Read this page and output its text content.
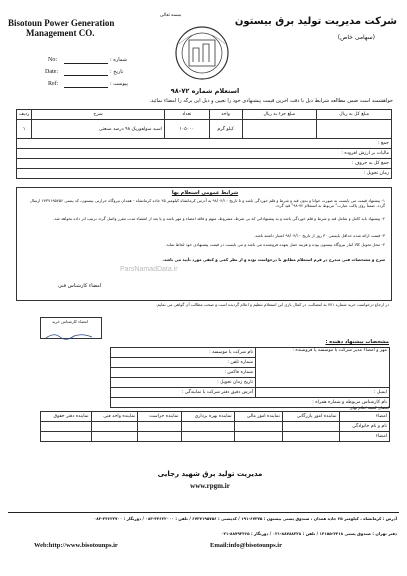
بسمه تعالی
Bisotoun Power Generation
Management CO.
شرکت مدیریت تولید برق بیستون
(سهامی خاص)
No:
Date:
Ref:
شماره :
تاریخ :
پیوست :
استعلام شماره ۷۲-۹۸
خواهشمند است ضمن مطالعه شرایط ذیل با دقت آخرین قیمت پیشنهادی خود را تعیین و ذیل این برگه را امضاء نمائید.
ردیف	شرح	تعداد	واحد	مبلغ جزء به ریال	مبلغ کل به ریال
۱	اسید سولفوریک ۹۸ درصد صنعتی	۱۰۵۰۰۰	کیلو گرم		
جمع :					
مالیات بر ارزش افزوده :					
جمع کل به حروف :					
زمان تحویل :					
شرایط عمومی استعلام بها
۱- پیشنهاد قیمت می بایست به صورت خوانا و بدون قید و شرط و قلم خوردگی باشد و تا تاریخ ۹۸/۰۴/۱۰ به آدرس کرمانشاه کیلومتر ۲۵ جاده کرمانشاه - همدان نیروگاه حرارتی بیستون، کد پستی ۶۷۳۷۱۹۵۷۵۶ ارسال گردد. ضمناً روی پاکت عبارت" مربوط به استعلام ۷۲-۹۸" قید گردد.
۲- پیشنهاد باید کامل و شامل قید و شرط و قلم خوردگی باشد و به پیشنهاداتی که بی شرط، مشروط، مبهم و فاقد امضاء و مهر باشد و یا بعد از انقضاء مدت مقرر واصل گردد ترتیب اثر داده نخواهد شد.
۳- قیمت ارائه شده حداقل بایستی ۳۰ روز از تاریخ ۹۸/۰۴/۱۰ اعتبار داشته باشد.
۴- محل تحویل کالا انبار نیروگاه بیستون بوده و هزینه حمل بعهده فروشنده می باشد و می بایست در قیمت پیشنهادی خود لحاظ نماید.
شرح و مشخصات فنی مندرج در فرم استعلام مطابق با درخواست بوده و از نظر کمی و کیفی مورد تأیید می باشد.
ParsNamadData.ir
امضاء کارشناس فنی
در ارجاع درخواست خرید شماره ۷۷۱ به ابتصالب، در کمال بازی این استعلام تنظیم و اعلام گردیده است و صحت مطالب آن گواهی می نمایم.
امضاء کارشناس خرید
مشخصات پیشنهاد دهنده :
نام شرکت یا موسسه :	مهر و امضاء مدیر شرکت یا موسسه یا فروشنده :
شماره تلفن :	
شماره فاکس :	
تاریخ زمان تحویل :	
آدرس دقیق دفتر شرکت یا نمایندگی :	ایمیل :
نام کارشناس مربوطه و شماره همراه :	
امضای کمیته اعلام بهای
نماینده دفتر حقوق	نماینده واحد فنی	نماینده حراست	نماینده بهره برداری	نماینده امور مالی	نماینده امور بازرگانی	امضاء
						نام و نام خانوادگی
						امضاء
مدیریت تولید برق شهید رجایی
www.rpgm.ir
آدرس : کرمانشاه ، کیلومتر ۲۵ جاده همدان ، صندوق پستی بیستون : ۶۷۳۷۵-۱۹۱ / کدپستی : ۶۷۳۷۱۹۵۷۵۶ / تلفن : ۳۴۶۲۲۰۰۰-۰۸۳ / دورنگار : ۳۴۶۲۲۷۰۰-۰۸۳
دفتر تهران : صندوق پستی ۴۴۱۸-۱۴۱۵۵ / تلفن : ۸۸۷۸۸۳۲۸-۰۲۱ / دورنگار : ۸۸۷۹۳۴۶۵-۰۲۱
Web:http://www.bisotounps.ir	Email:info@bisotounps.ir
